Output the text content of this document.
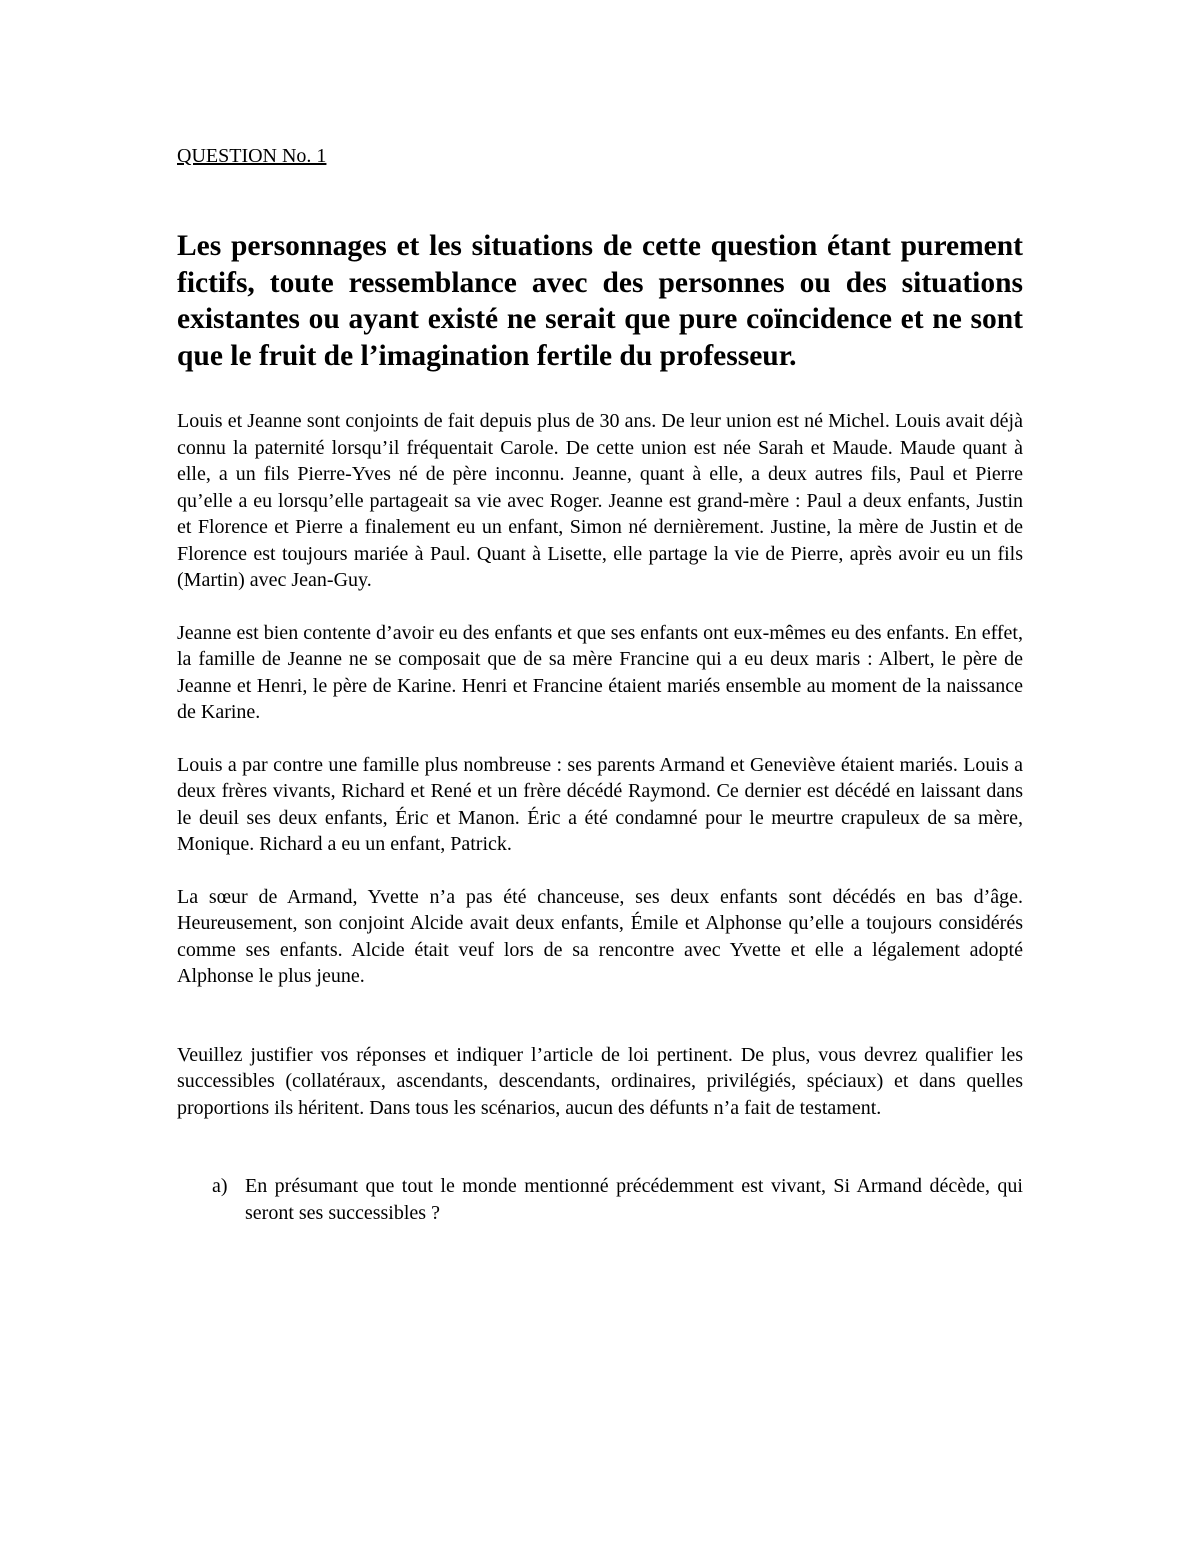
QUESTION No. 1

Les personnages et les situations de cette question étant purement fictifs, toute ressemblance avec des personnes ou des situations existantes ou ayant existé ne serait que pure coïncidence et ne sont que le fruit de l’imagination fertile du professeur.

Louis et Jeanne sont conjoints de fait depuis plus de 30 ans. De leur union est né Michel. Louis avait déjà connu la paternité lorsqu’il fréquentait Carole. De cette union est née Sarah et Maude. Maude quant à elle, a un fils Pierre-Yves né de père inconnu. Jeanne, quant à elle, a deux autres fils, Paul et Pierre qu’elle a eu lorsqu’elle partageait sa vie avec Roger. Jeanne est grand-mère : Paul a deux enfants, Justin et Florence et Pierre a finalement eu un enfant, Simon né dernièrement. Justine, la mère de Justin et de Florence est toujours mariée à Paul. Quant à Lisette, elle partage la vie de Pierre, après avoir eu un fils (Martin) avec Jean-Guy.

Jeanne est bien contente d’avoir eu des enfants et que ses enfants ont eux-mêmes eu des enfants. En effet, la famille de Jeanne ne se composait que de sa mère Francine qui a eu deux maris : Albert, le père de Jeanne et Henri, le père de Karine. Henri et Francine étaient mariés ensemble au moment de la naissance de Karine.

Louis a par contre une famille plus nombreuse : ses parents Armand et Geneviève étaient mariés. Louis a deux frères vivants, Richard et René et un frère décédé Raymond. Ce dernier est décédé en laissant dans le deuil ses deux enfants, Éric et Manon. Éric a été condamné pour le meurtre crapuleux de sa mère, Monique. Richard a eu un enfant, Patrick.

La sœur de Armand, Yvette n’a pas été chanceuse, ses deux enfants sont décédés en bas d’âge. Heureusement, son conjoint Alcide avait deux enfants, Émile et Alphonse qu’elle a toujours considérés comme ses enfants. Alcide était veuf lors de sa rencontre avec Yvette et elle a légalement adopté Alphonse le plus jeune.

Veuillez justifier vos réponses et indiquer l’article de loi pertinent. De plus, vous devrez qualifier les successibles (collatéraux, ascendants, descendants, ordinaires, privilégiés, spéciaux) et dans quelles proportions ils héritent. Dans tous les scénarios, aucun des défunts n’a fait de testament.

a) En présumant que tout le monde mentionné précédemment est vivant, Si Armand décède, qui seront ses successibles ?
